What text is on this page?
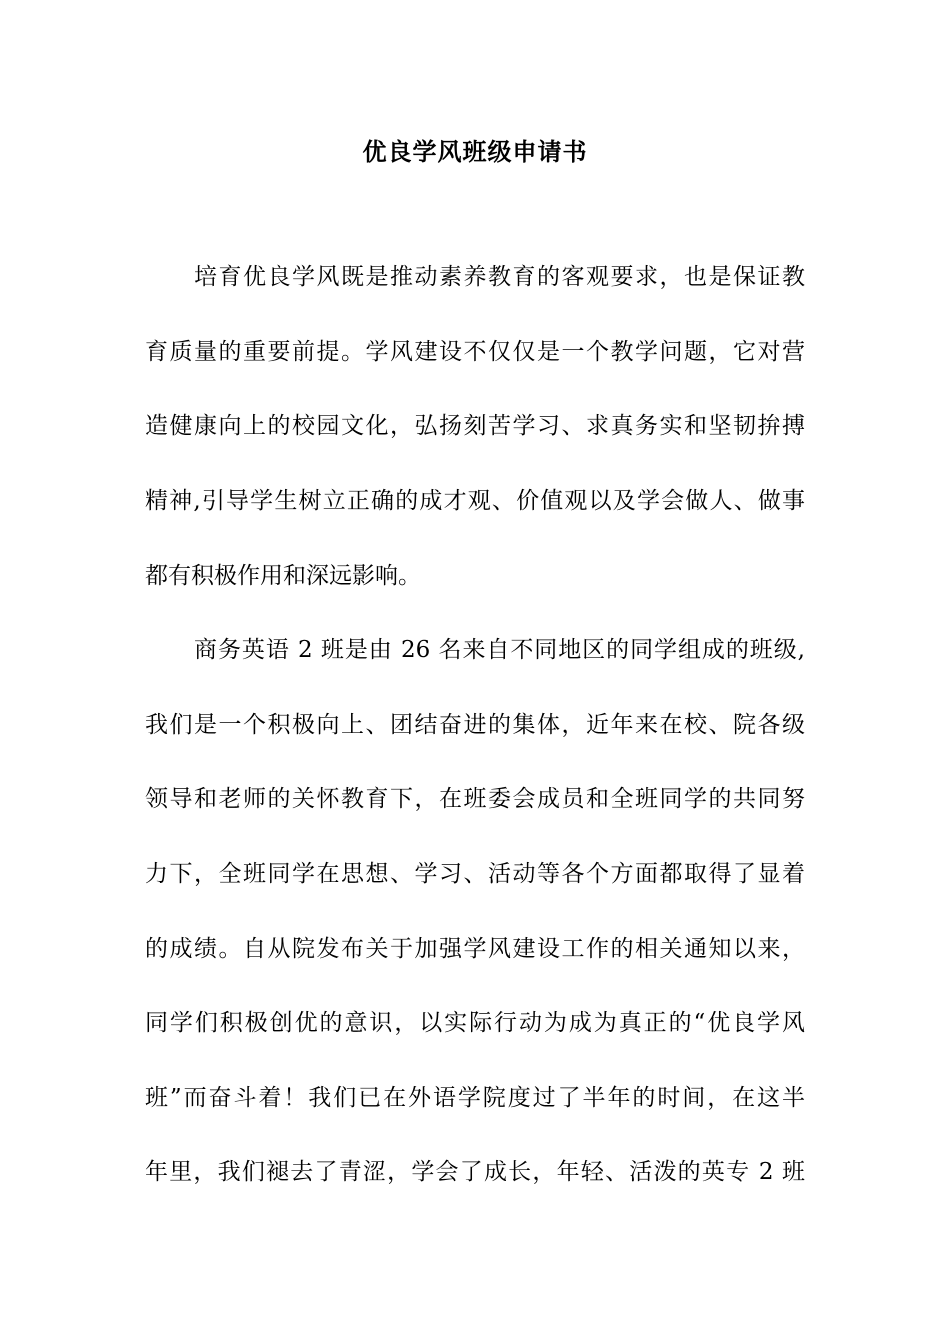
优良学风班级申请书
培育优良学风既是推动素养教育的客观要求，也是保证教
育质量的重要前提。学风建设不仅仅是一个教学问题，它对营
造健康向上的校园文化，弘扬刻苦学习、求真务实和坚韧拚搏
精神,引导学生树立正确的成才观、价值观以及学会做人、做事
都有积极作用和深远影响。
商务英语 2 班是由 26 名来自不同地区的同学组成的班级,
我们是一个积极向上、团结奋进的集体，近年来在校、院各级
领导和老师的关怀教育下，在班委会成员和全班同学的共同努
力下，全班同学在思想、学习、活动等各个方面都取得了显着
的成绩。自从院发布关于加强学风建设工作的相关通知以来，
同学们积极创优的意识，以实际行动为成为真正的“优良学风
班”而奋斗着！我们已在外语学院度过了半年的时间，在这半
年里，我们褪去了青涩，学会了成长，年轻、活泼的英专 2 班
